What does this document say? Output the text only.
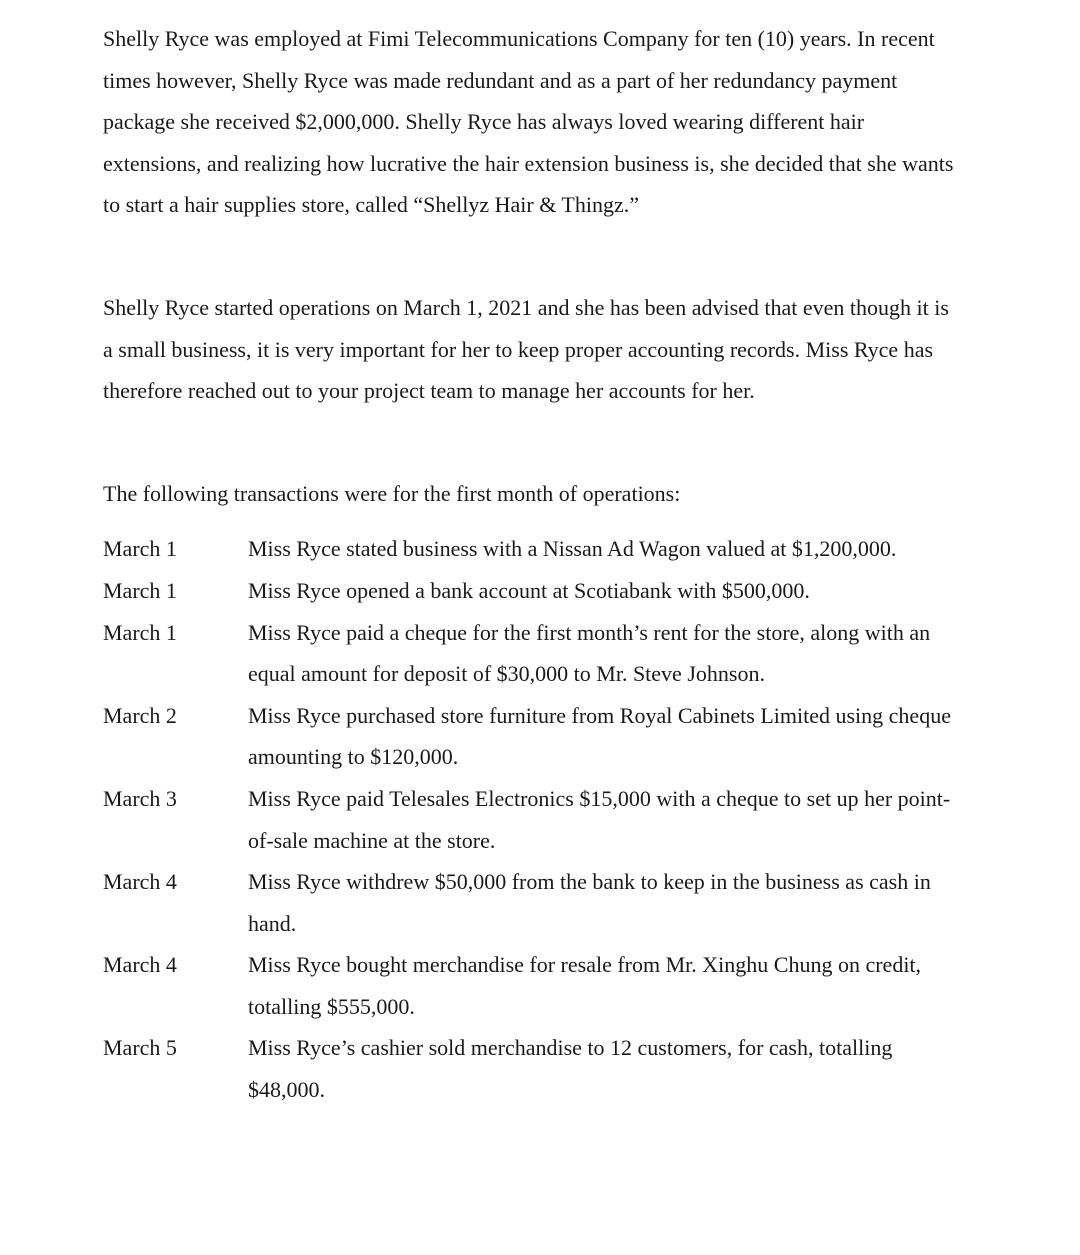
Shelly Ryce was employed at Fimi Telecommunications Company for ten (10) years. In recent
times however, Shelly Ryce was made redundant and as a part of her redundancy payment
package she received $2,000,000. Shelly Ryce has always loved wearing different hair
extensions, and realizing how lucrative the hair extension business is, she decided that she wants
to start a hair supplies store, called “Shellyz Hair & Thingz.”

Shelly Ryce started operations on March 1, 2021 and she has been advised that even though it is
a small business, it is very important for her to keep proper accounting records. Miss Ryce has
therefore reached out to your project team to manage her accounts for her.

The following transactions were for the first month of operations:

March 1	Miss Ryce stated business with a Nissan Ad Wagon valued at $1,200,000.
March 1	Miss Ryce opened a bank account at Scotiabank with $500,000.
March 1	Miss Ryce paid a cheque for the first month’s rent for the store, along with an
equal amount for deposit of $30,000 to Mr. Steve Johnson.
March 2	Miss Ryce purchased store furniture from Royal Cabinets Limited using cheque
amounting to $120,000.
March 3	Miss Ryce paid Telesales Electronics $15,000 with a cheque to set up her point-
of-sale machine at the store.
March 4	Miss Ryce withdrew $50,000 from the bank to keep in the business as cash in
hand.
March 4	Miss Ryce bought merchandise for resale from Mr. Xinghu Chung on credit,
totalling $555,000.
March 5	Miss Ryce’s cashier sold merchandise to 12 customers, for cash, totalling
$48,000.
